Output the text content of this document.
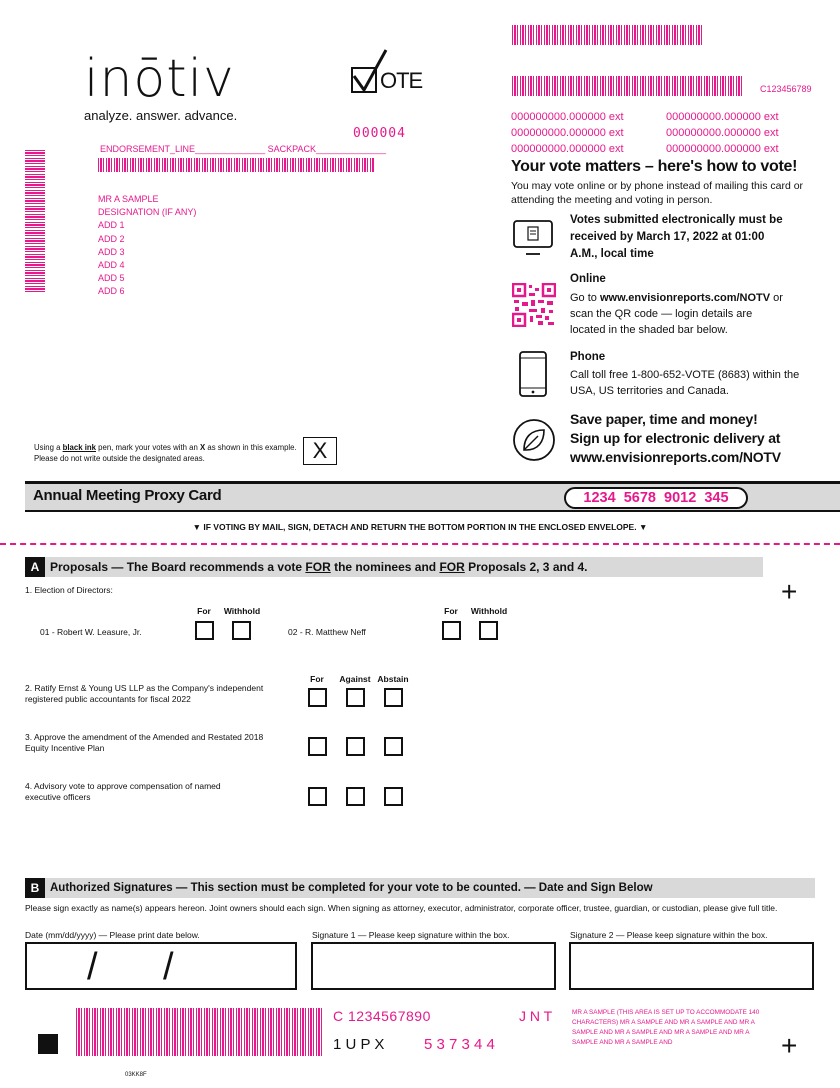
C123456789
inōtiv
analyze. answer. advance.
OTE
000004
ENDORSEMENT_LINE______________ SACKPACK______________
MR A SAMPLE
DESIGNATION (IF ANY)
ADD 1
ADD 2
ADD 3
ADD 4
ADD 5
ADD 6
000000000.000000 ext	000000000.000000 ext
000000000.000000 ext	000000000.000000 ext
000000000.000000 ext	000000000.000000 ext
Your vote matters – here's how to vote!
You may vote online or by phone instead of mailing this card or attending the meeting and voting in person.
Votes submitted electronically must be received by March 17, 2022 at 01:00 A.M., local time
Online
Go to www.envisionreports.com/NOTV or scan the QR code — login details are located in the shaded bar below.
Phone
Call toll free 1-800-652-VOTE (8683) within the USA, US territories and Canada.
Save paper, time and money!
Sign up for electronic delivery at
www.envisionreports.com/NOTV
Using a black ink pen, mark your votes with an X as shown in this example.
Please do not write outside the designated areas.	X
Annual Meeting Proxy Card	1234  5678  9012  345
▼ IF VOTING BY MAIL, SIGN, DETACH AND RETURN THE BOTTOM PORTION IN THE ENCLOSED ENVELOPE. ▼
A Proposals — The Board recommends a vote FOR the nominees and FOR Proposals 2, 3 and 4.
+
1. Election of Directors:
For	Withhold
01 - Robert W. Leasure, Jr.
For	Withhold
02 - R. Matthew Neff
For	Against Abstain
2. Ratify Ernst & Young US LLP as the Company's independent registered public accountants for fiscal 2022
3. Approve the amendment of the Amended and Restated 2018 Equity Incentive Plan
4. Advisory vote to approve compensation of named executive officers
B Authorized Signatures — This section must be completed for your vote to be counted. — Date and Sign Below
Please sign exactly as name(s) appears hereon. Joint owners should each sign. When signing as attorney, executor, administrator, corporate officer, trustee, guardian, or custodian, please give full title.
Date (mm/dd/yyyy) — Please print date below.	Signature 1 — Please keep signature within the box.	Signature 2 — Please keep signature within the box.
/ /
C 1234567890	J N T
1 U P X	5 3 7 3 4 4
MR A SAMPLE (THIS AREA IS SET UP TO ACCOMMODATE 140 CHARACTERS) MR A SAMPLE AND MR A SAMPLE AND MR A SAMPLE AND MR A SAMPLE AND MR A SAMPLE AND MR A SAMPLE AND MR A SAMPLE AND	+
03KK8F
